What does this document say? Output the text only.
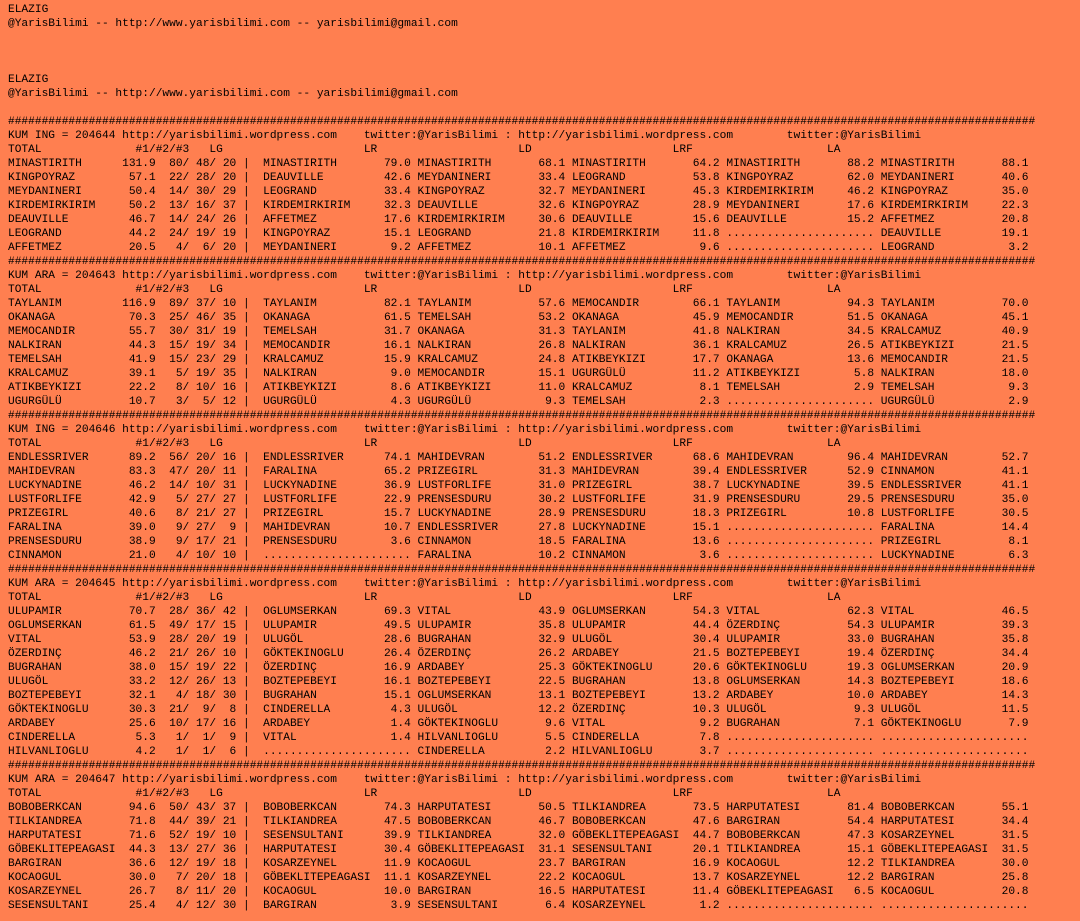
ELAZIG
@YarisBilimi -- http://www.yarisbilimi.com -- yarisbilimi@gmail.com
ELAZIG
@YarisBilimi -- http://www.yarisbilimi.com -- yarisbilimi@gmail.com
#########################################################################################################################################################
KUM ING = 204644 http://yarisbilimi.wordpress.com    twitter:@YarisBilimi : http://yarisbilimi.wordpress.com        twitter:@YarisBilimi
TOTAL              #1/#2/#3   LG                     LR                     LD                     LRF                    LA
MINASTIRITH      131.9  80/ 48/ 20 |  MINASTIRITH       79.0 MINASTIRITH       68.1 MINASTIRITH       64.2 MINASTIRITH       88.2 MINASTIRITH       88.1
KINGPOYRAZ        57.1  22/ 28/ 20 |  DEAUVILLE         42.6 MEYDANINERI       33.4 LEOGRAND          53.8 KINGPOYRAZ        62.0 MEYDANINERI       40.6
MEYDANINERI       50.4  14/ 30/ 29 |  LEOGRAND          33.4 KINGPOYRAZ        32.7 MEYDANINERI       45.3 KIRDEMIRKIRIM     46.2 KINGPOYRAZ        35.0
KIRDEMIRKIRIM     50.2  13/ 16/ 37 |  KIRDEMIRKIRIM     32.3 DEAUVILLE         32.6 KINGPOYRAZ        28.9 MEYDANINERI       17.6 KIRDEMIRKIRIM     22.3
DEAUVILLE         46.7  14/ 24/ 26 |  AFFETMEZ          17.6 KIRDEMIRKIRIM     30.6 DEAUVILLE         15.6 DEAUVILLE         15.2 AFFETMEZ          20.8
LEOGRAND          44.2  24/ 19/ 19 |  KINGPOYRAZ        15.1 LEOGRAND          21.8 KIRDEMIRKIRIM     11.8 ...................... DEAUVILLE         19.1
AFFETMEZ          20.5   4/  6/ 20 |  MEYDANINERI        9.2 AFFETMEZ          10.1 AFFETMEZ           9.6 ...................... LEOGRAND           3.2
#########################################################################################################################################################
KUM ARA = 204643 http://yarisbilimi.wordpress.com    twitter:@YarisBilimi : http://yarisbilimi.wordpress.com        twitter:@YarisBilimi
TOTAL              #1/#2/#3   LG                     LR                     LD                     LRF                    LA
TAYLANIM         116.9  89/ 37/ 10 |  TAYLANIM          82.1 TAYLANIM          57.6 MEMOCANDIR        66.1 TAYLANIM          94.3 TAYLANIM          70.0
OKANAGA           70.3  25/ 46/ 35 |  OKANAGA           61.5 TEMELSAH          53.2 OKANAGA           45.9 MEMOCANDIR        51.5 OKANAGA           45.1
MEMOCANDIR        55.7  30/ 31/ 19 |  TEMELSAH          31.7 OKANAGA           31.3 TAYLANIM          41.8 NALKIRAN          34.5 KRALCAMUZ         40.9
NALKIRAN          44.3  15/ 19/ 34 |  MEMOCANDIR        16.1 NALKIRAN          26.8 NALKIRAN          36.1 KRALCAMUZ         26.5 ATIKBEYKIZI       21.5
TEMELSAH          41.9  15/ 23/ 29 |  KRALCAMUZ         15.9 KRALCAMUZ         24.8 ATIKBEYKIZI       17.7 OKANAGA           13.6 MEMOCANDIR        21.5
KRALCAMUZ         39.1   5/ 19/ 35 |  NALKIRAN           9.0 MEMOCANDIR        15.1 UGURGÜLÜ          11.2 ATIKBEYKIZI        5.8 NALKIRAN          18.0
ATIKBEYKIZI       22.2   8/ 10/ 16 |  ATIKBEYKIZI        8.6 ATIKBEYKIZI       11.0 KRALCAMUZ          8.1 TEMELSAH           2.9 TEMELSAH           9.3
UGURGÜLÜ          10.7   3/  5/ 12 |  UGURGÜLÜ           4.3 UGURGÜLÜ           9.3 TEMELSAH           2.3 ...................... UGURGÜLÜ           2.9
#########################################################################################################################################################
KUM ING = 204646 http://yarisbilimi.wordpress.com    twitter:@YarisBilimi : http://yarisbilimi.wordpress.com        twitter:@YarisBilimi
TOTAL              #1/#2/#3   LG                     LR                     LD                     LRF                    LA
ENDLESSRIVER      89.2  56/ 20/ 16 |  ENDLESSRIVER      74.1 MAHIDEVRAN        51.2 ENDLESSRIVER      68.6 MAHIDEVRAN        96.4 MAHIDEVRAN        52.7
MAHIDEVRAN        83.3  47/ 20/ 11 |  FARALINA          65.2 PRIZEGIRL         31.3 MAHIDEVRAN        39.4 ENDLESSRIVER      52.9 CINNAMON          41.1
LUCKYNADINE       46.2  14/ 10/ 31 |  LUCKYNADINE       36.9 LUSTFORLIFE       31.0 PRIZEGIRL         38.7 LUCKYNADINE       39.5 ENDLESSRIVER      41.1
LUSTFORLIFE       42.9   5/ 27/ 27 |  LUSTFORLIFE       22.9 PRENSESDURU       30.2 LUSTFORLIFE       31.9 PRENSESDURU       29.5 PRENSESDURU       35.0
PRIZEGIRL         40.6   8/ 21/ 27 |  PRIZEGIRL         15.7 LUCKYNADINE       28.9 PRENSESDURU       18.3 PRIZEGIRL         10.8 LUSTFORLIFE       30.5
FARALINA          39.0   9/ 27/  9 |  MAHIDEVRAN        10.7 ENDLESSRIVER      27.8 LUCKYNADINE       15.1 ...................... FARALINA          14.4
PRENSESDURU       38.9   9/ 17/ 21 |  PRENSESDURU        3.6 CINNAMON          18.5 FARALINA          13.6 ...................... PRIZEGIRL          8.1
CINNAMON          21.0   4/ 10/ 10 |  ...................... FARALINA          10.2 CINNAMON           3.6 ...................... LUCKYNADINE        6.3
#########################################################################################################################################################
KUM ARA = 204645 http://yarisbilimi.wordpress.com    twitter:@YarisBilimi : http://yarisbilimi.wordpress.com        twitter:@YarisBilimi
TOTAL              #1/#2/#3   LG                     LR                     LD                     LRF                    LA
ULUPAMIR          70.7  28/ 36/ 42 |  OGLUMSERKAN       69.3 VITAL             43.9 OGLUMSERKAN       54.3 VITAL             62.3 VITAL             46.5
OGLUMSERKAN       61.5  49/ 17/ 15 |  ULUPAMIR          49.5 ULUPAMIR          35.8 ULUPAMIR          44.4 ÖZERDINÇ          54.3 ULUPAMIR          39.3
VITAL             53.9  28/ 20/ 19 |  ULUGÖL            28.6 BUGRAHAN          32.9 ULUGÖL            30.4 ULUPAMIR          33.0 BUGRAHAN          35.8
ÖZERDINÇ          46.2  21/ 26/ 10 |  GÖKTEKINOGLU      26.4 ÖZERDINÇ          26.2 ARDABEY           21.5 BOZTEPEBEYI       19.4 ÖZERDINÇ          34.4
BUGRAHAN          38.0  15/ 19/ 22 |  ÖZERDINÇ          16.9 ARDABEY           25.3 GÖKTEKINOGLU      20.6 GÖKTEKINOGLU      19.3 OGLUMSERKAN       20.9
ULUGÖL            33.2  12/ 26/ 13 |  BOZTEPEBEYI       16.1 BOZTEPEBEYI       22.5 BUGRAHAN          13.8 OGLUMSERKAN       14.3 BOZTEPEBEYI       18.6
BOZTEPEBEYI       32.1   4/ 18/ 30 |  BUGRAHAN          15.1 OGLUMSERKAN       13.1 BOZTEPEBEYI       13.2 ARDABEY           10.0 ARDABEY           14.3
GÖKTEKINOGLU      30.3  21/  9/  8 |  CINDERELLA         4.3 ULUGÖL            12.2 ÖZERDINÇ          10.3 ULUGÖL             9.3 ULUGÖL            11.5
ARDABEY           25.6  10/ 17/ 16 |  ARDABEY            1.4 GÖKTEKINOGLU       9.6 VITAL              9.2 BUGRAHAN           7.1 GÖKTEKINOGLU       7.9
CINDERELLA         5.3   1/  1/  9 |  VITAL              1.4 HILVANLIOGLU       5.5 CINDERELLA         7.8 ...................... ......................
HILVANLIOGLU       4.2   1/  1/  6 |  ...................... CINDERELLA         2.2 HILVANLIOGLU       3.7 ...................... ......................
#########################################################################################################################################################
KUM ARA = 204647 http://yarisbilimi.wordpress.com    twitter:@YarisBilimi : http://yarisbilimi.wordpress.com        twitter:@YarisBilimi
TOTAL              #1/#2/#3   LG                     LR                     LD                     LRF                    LA
BOBOBERKCAN       94.6  50/ 43/ 37 |  BOBOBERKCAN       74.3 HARPUTATESI       50.5 TILKIANDREA       73.5 HARPUTATESI       81.4 BOBOBERKCAN       55.1
TILKIANDREA       71.8  44/ 39/ 21 |  TILKIANDREA       47.5 BOBOBERKCAN       46.7 BOBOBERKCAN       47.6 BARGIRAN          54.4 HARPUTATESI       34.4
HARPUTATESI       71.6  52/ 19/ 10 |  SESENSULTANI      39.9 TILKIANDREA       32.0 GÖBEKLITEPEAGASI  44.7 BOBOBERKCAN       47.3 KOSARZEYNEL       31.5
GÖBEKLITEPEAGASI  44.3  13/ 27/ 36 |  HARPUTATESI       30.4 GÖBEKLITEPEAGASI  31.1 SESENSULTANI      20.1 TILKIANDREA       15.1 GÖBEKLITEPEAGASI  31.5
BARGIRAN          36.6  12/ 19/ 18 |  KOSARZEYNEL       11.9 KOCAOGUL          23.7 BARGIRAN          16.9 KOCAOGUL          12.2 TILKIANDREA       30.0
KOCAOGUL          30.0   7/ 20/ 18 |  GÖBEKLITEPEAGASI  11.1 KOSARZEYNEL       22.2 KOCAOGUL          13.7 KOSARZEYNEL       12.2 BARGIRAN          25.8
KOSARZEYNEL       26.7   8/ 11/ 20 |  KOCAOGUL          10.0 BARGIRAN          16.5 HARPUTATESI       11.4 GÖBEKLITEPEAGASI   6.5 KOCAOGUL          20.8
SESENSULTANI      25.4   4/ 12/ 30 |  BARGIRAN           3.9 SESENSULTANI       6.4 KOSARZEYNEL        1.2 ...................... ......................
